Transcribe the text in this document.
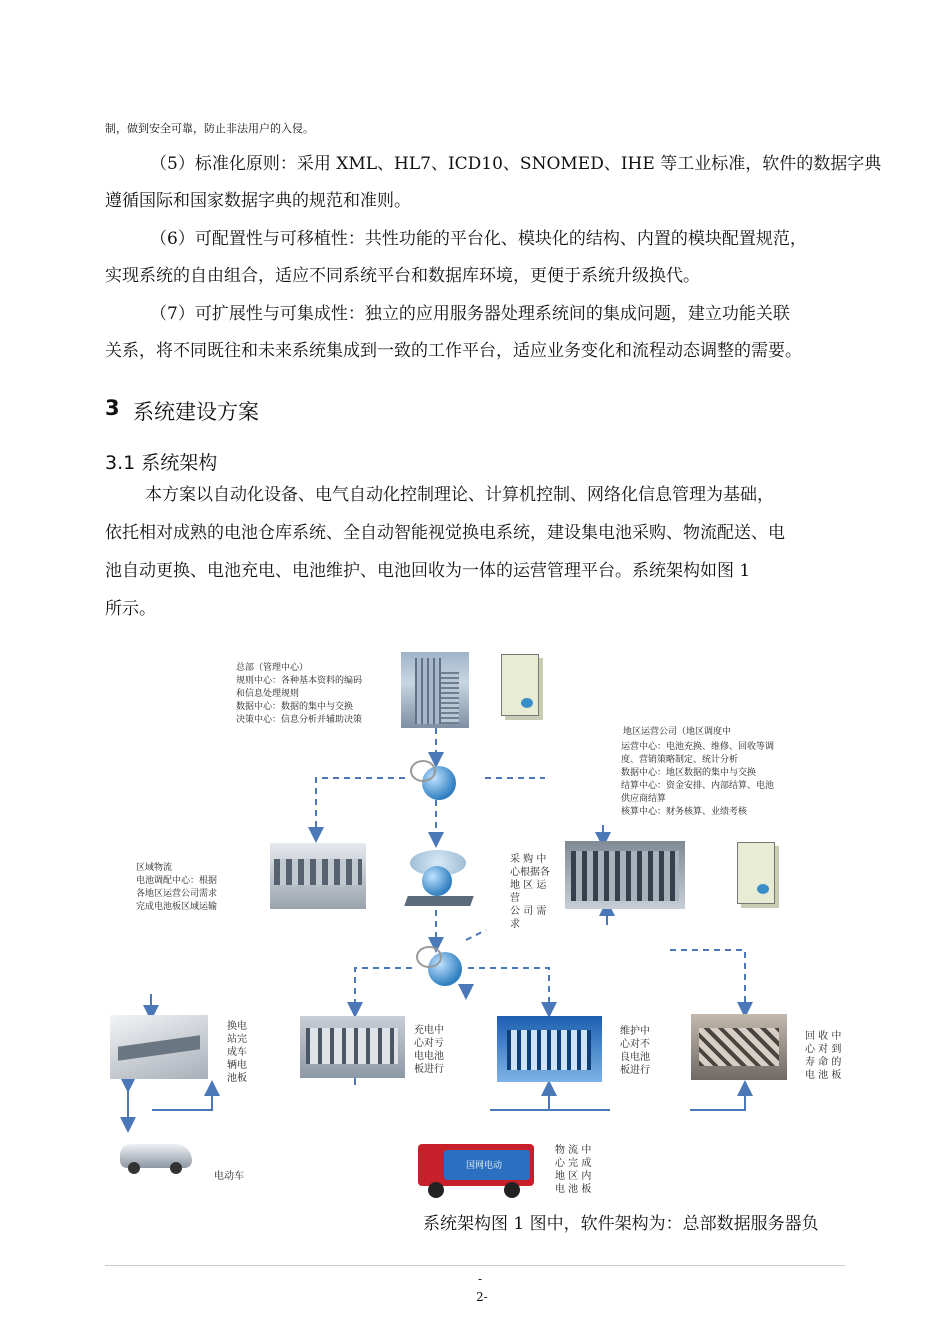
制，做到安全可靠，防止非法用户的入侵。
（5）标准化原则：采用 XML、HL7、ICD10、SNOMED、IHE 等工业标准，软件的数据字典
遵循国际和国家数据字典的规范和准则。
（6）可配置性与可移植性：共性功能的平台化、模块化的结构、内置的模块配置规范，
实现系统的自由组合，适应不同系统平台和数据库环境，更便于系统升级换代。
（7）可扩展性与可集成性：独立的应用服务器处理系统间的集成问题，建立功能关联
关系，将不同既往和未来系统集成到一致的工作平台，适应业务变化和流程动态调整的需要。
3 系统建设方案
3.1 系统架构
本方案以自动化设备、电气自动化控制理论、计算机控制、网络化信息管理为基础，
依托相对成熟的电池仓库系统、全自动智能视觉换电系统，建设集电池采购、物流配送、电
池自动更换、电池充电、电池维护、电池回收为一体的运营管理平台。系统架构如图 1
所示。
总部（管理中心）
规则中心：各种基本资料的编码
和信息处理规则
数据中心：数据的集中与交换
决策中心：信息分析并辅助决策
地区运营公司（地区调度中
运营中心：电池充换、维修、回收等调
度、营销策略制定、统计分析
数据中心：地区数据的集中与交换
结算中心：资金安排、内部结算、电池
供应商结算
核算中心：财务核算、业绩考核
区域物流
电池调配中心：根据
各地区运营公司需求
完成电池板区域运输
采 购 中
心根据各
地 区 运 营
公 司 需 求
换电
站完
成车
辆电
池板
充电中
心对亏
电电池
板进行
维护中
心对不
良电池
板进行
回 收 中
心 对 到
寿 命 的
电 池 板
电动车
国网电动
物 流 中
心 完 成
地 区 内
电 池 板
系统架构图 1 图中，软件架构为：总部数据服务器负
-
2-
